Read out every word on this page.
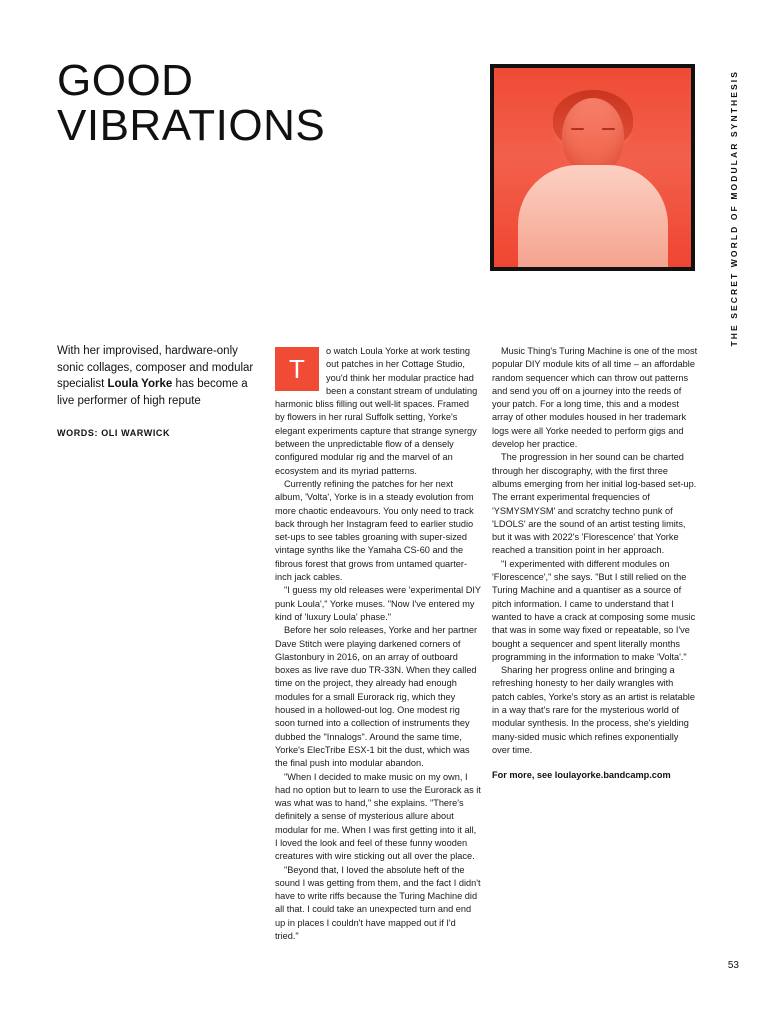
GOOD
VIBRATIONS	THE SECRET WORLD OF MODULAR SYNTHESIS
With her improvised, hardware-only sonic collages, composer and modular specialist Loula Yorke has become a live performer of high repute
WORDS: OLI WARWICK
T

o watch Loula Yorke at work testing out patches in her Cottage Studio, you'd think her modular practice had been a constant stream of undulating harmonic bliss filling out well-lit spaces. Framed by flowers in her rural Suffolk setting, Yorke's elegant experiments capture that strange synergy between the unpredictable flow of a densely configured modular rig and the marvel of an ecosystem and its myriad patterns.

Currently refining the patches for her next album, 'Volta', Yorke is in a steady evolution from more chaotic endeavours. You only need to track back through her Instagram feed to earlier studio set-ups to see tables groaning with super-sized vintage synths like the Yamaha CS-60 and the fibrous forest that grows from untamed quarter-inch jack cables.

"I guess my old releases were 'experimental DIY punk Loula'," Yorke muses. "Now I've entered my kind of 'luxury Loula' phase."

Before her solo releases, Yorke and her partner Dave Stitch were playing darkened corners of Glastonbury in 2016, on an array of outboard boxes as live rave duo TR-33N. When they called time on the project, they already had enough modules for a small Eurorack rig, which they housed in a hollowed-out log. One modest rig soon turned into a collection of instruments they dubbed the "Innalogs". Around the same time, Yorke's ElecTribe ESX-1 bit the dust, which was the final push into modular abandon.

"When I decided to make music on my own, I had no option but to learn to use the Eurorack as it was what was to hand," she explains. "There's definitely a sense of mysterious allure about modular for me. When I was first getting into it all, I loved the look and feel of these funny wooden creatures with wire sticking out all over the place.

"Beyond that, I loved the absolute heft of the sound I was getting from them, and the fact I didn't have to write riffs because the Turing Machine did all that. I could take an unexpected turn and end up in places I couldn't have mapped out if I'd tried."

Music Thing's Turing Machine is one of the most popular DIY module kits of all time – an affordable random sequencer which can throw out patterns and send you off on a journey into the reeds of your patch. For a long time, this and a modest array of other modules housed in her trademark logs were all Yorke needed to perform gigs and develop her practice.

The progression in her sound can be charted through her discography, with the first three albums emerging from her initial log-based set-up. The errant experimental frequencies of 'YSMYSMYSM' and scratchy techno punk of 'LDOLS' are the sound of an artist testing limits, but it was with 2022's 'Florescence' that Yorke reached a transition point in her approach.

"I experimented with different modules on 'Florescence'," she says. "But I still relied on the Turing Machine and a quantiser as a source of pitch information. I came to understand that I wanted to have a crack at composing some music that was in some way fixed or repeatable, so I've bought a sequencer and spent literally months programming in the information to make 'Volta'."

Sharing her progress online and bringing a refreshing honesty to her daily wrangles with patch cables, Yorke's story as an artist is relatable in a way that's rare for the mysterious world of modular synthesis. In the process, she's yielding many-sided music which refines exponentially over time.

For more, see loulayorke.bandcamp.com
53
